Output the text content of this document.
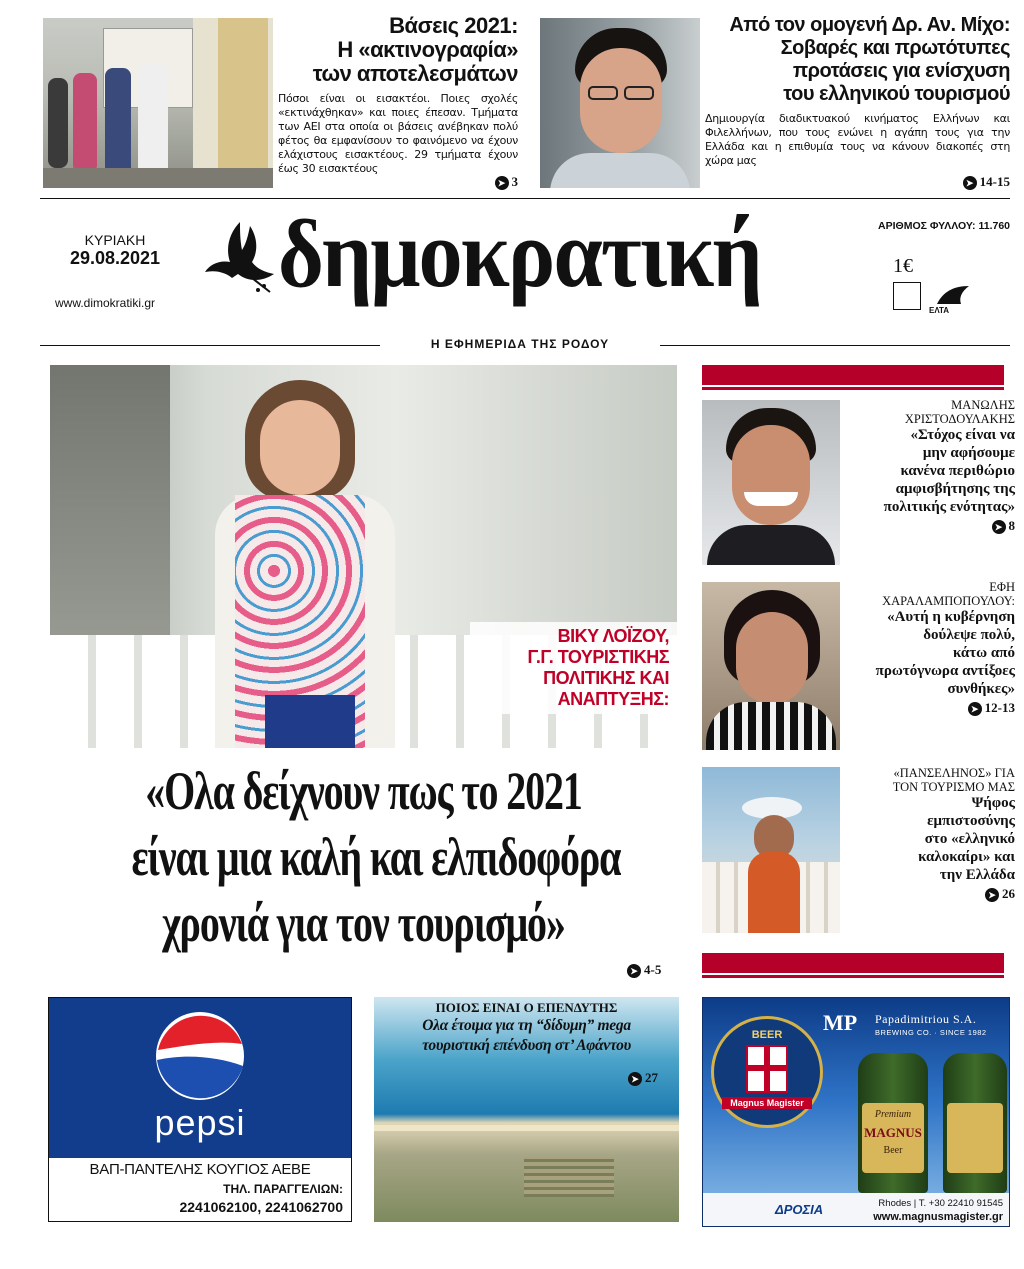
Βάσεις 2021:
Η «ακτινογραφία»
των αποτελεσμάτων
Πόσοι είναι οι εισακτέοι. Ποιες σχολές «εκτινάχθηκαν» και ποιες έπεσαν. Τμήματα των ΑΕΙ στα οποία οι βάσεις ανέβηκαν πολύ φέτος θα εμφανίσουν το φαινόμενο να έχουν ελάχιστους εισακτέους. 29 τμήματα έχουν έως 30 εισακτέους
➤ 3
Από τον ομογενή Δρ. Αν. Μίχο:
Σοβαρές και πρωτότυπες
προτάσεις για ενίσχυση
του ελληνικού τουρισμού
Δημιουργία διαδικτυακού κινήματος Ελλήνων και Φιλελλήνων, που τους ενώνει η αγάπη τους για την Ελλάδα και η επιθυμία τους να κάνουν διακοπές στη χώρα μας
➤ 14-15
ΚΥΡΙΑΚΗ
29.08.2021
www.dimokratiki.gr δημοκρατική	ΑΡΙΘΜΟΣ ΦΥΛΛΟΥ: 11.760
1€
ΕΛΤΑ
Η ΕΦΗΜΕΡΙΔΑ ΤΗΣ ΡΟΔΟΥ
ΒΙΚΥ ΛΟΪΖΟΥ,
Γ.Γ. ΤΟΥΡΙΣΤΙΚΗΣ
ΠΟΛΙΤΙΚΗΣ ΚΑΙ
ΑΝΑΠΤΥΞΗΣ:
«Ολα δείχνουν πως το 2021
είναι μια καλή και ελπιδοφόρα
χρονιά για τον τουρισμό»
➤ 4-5
ΜΑΝΩΛΗΣ
ΧΡΙΣΤΟΔΟΥΛΑΚΗΣ
«Στόχος είναι να
μην αφήσουμε
κανένα περιθώριο
αμφισβήτησης της
πολιτικής ενότητας»
➤ 8
ΕΦΗ
ΧΑΡΑΛΑΜΠΟΠΟΥΛΟΥ:
«Αυτή η κυβέρνηση
δούλεψε πολύ,
κάτω από
πρωτόγνωρα αντίξοες
συνθήκες»
➤ 12-13
«ΠΑΝΣΕΛΗΝΟΣ» ΓΙΑ
ΤΟΝ ΤΟΥΡΙΣΜΟ ΜΑΣ
Ψήφος
εμπιστοσύνης
στο «ελληνικό
καλοκαίρι» και
την Ελλάδα
➤ 26
pepsi
ΒΑΠ-ΠΑΝΤΕΛΗΣ ΚΟΥΓΙΟΣ ΑΕΒΕ
ΤΗΛ. ΠΑΡΑΓΓΕΛΙΩΝ:
2241062100, 2241062700
ΠΟΙΟΣ ΕΙΝΑΙ Ο ΕΠΕΝΔΥΤΗΣ
Ολα έτοιμα για τη “δίδυμη” mega
τουριστική επένδυση στ’ Αφάντου
➤ 27
MP Papadimitriou S.A.
BREWING CO. · SINCE 1982
BEER
Magnus Magister
Premium
MAGNUS
Beer
ΔΡΟΣΙΑ	Rhodes | T. +30 22410 91545
www.magnusmagister.gr
